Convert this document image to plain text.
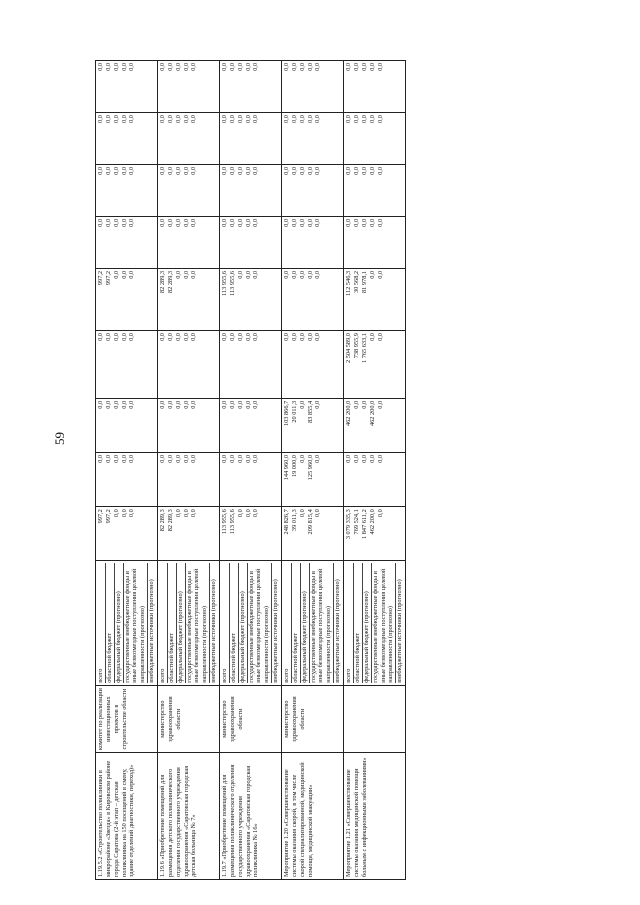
59
1.19.5.2 «Строительство поликлиники в микрорайоне «Звезда» в Кировском районе города Саратова (2-й этап – детская поликлиника на 150 посещений в смену, здание отделений диагностики, переход)»	комитет по реализации инвестиционных проектов в строительстве области	всего областной бюджет федеральный бюджет (прогнозно) государственные внебюджетные фонды и иные безвозмездные поступления целевой направленности (прогнозно) внебюджетные источники (прогнозно)	997,2 997,2 0,0 0,0 0,0	0,0 0,0 0,0 0,0 0,0	0,0 0,0 0,0 0,0 0,0	0,0 0,0 0,0 0,0 0,0	997,2 997,2 0,0 0,0 0,0	0,0 0,0 0,0 0,0 0,0	0,0 0,0 0,0 0,0 0,0	0,0 0,0 0,0 0,0 0,0	0,0 0,0 0,0 0,0 0,0

1.19.6 «Приобретение помещений для размещения детского поликлинического отделения государственного учреждения здравоохранения «Саратовская городская детская больница № 7»	министерство здравоохранения области	всего областной бюджет федеральный бюджет (прогнозно) государственные внебюджетные фонды и иные безвозмездные поступления целевой направленности (прогнозно) внебюджетные источники (прогнозно)	82 289,3 82 289,3 0,0 0,0 0,0	0,0 0,0 0,0 0,0 0,0	0,0 0,0 0,0 0,0 0,0	0,0 0,0 0,0 0,0 0,0	82 289,3 82 289,3 0,0 0,0 0,0	0,0 0,0 0,0 0,0 0,0	0,0 0,0 0,0 0,0 0,0	0,0 0,0 0,0 0,0 0,0	0,0 0,0 0,0 0,0 0,0

1.19.7 «Приобретение помещений для размещения поликлинического отделения государственного учреждения здравоохранения «Саратовская городская поликлиника № 16»	министерство здравоохранения области	всего областной бюджет федеральный бюджет (прогнозно) государственные внебюджетные фонды и иные безвозмездные поступления целевой направленности (прогнозно) внебюджетные источники (прогнозно)	113 955,6 113 955,6 0,0 0,0 0,0	0,0 0,0 0,0 0,0 0,0	0,0 0,0 0,0 0,0 0,0	0,0 0,0 0,0 0,0 0,0	113 955,6 113 955,6 0,0 0,0 0,0	0,0 0,0 0,0 0,0 0,0	0,0 0,0 0,0 0,0 0,0	0,0 0,0 0,0 0,0 0,0	0,0 0,0 0,0 0,0 0,0

Мероприятие 1.20 «Совершенствование системы оказания скорой, в том числе скорой специализированной, медицинской помощи, медицинской эвакуации»	министерство здравоохранения области	всего областной бюджет федеральный бюджет (прогнозно) государственные внебюджетные фонды и иные безвозмездные поступления целевой направленности (прогнозно) внебюджетные источники (прогнозно)	248 826,7 39 011,3 0,0 209 815,4 0,0	144 960,0 19 000,0 0,0 125 960,0 0,0	103 866,7 20 011,3 0,0 83 855,4 0,0	0,0 0,0 0,0 0,0 0,0	0,0 0,0 0,0 0,0 0,0	0,0 0,0 0,0 0,0 0,0	0,0 0,0 0,0 0,0 0,0	0,0 0,0 0,0 0,0 0,0	0,0 0,0 0,0 0,0 0,0

Мероприятие 1.21 «Совершенствование системы оказания медицинской помощи больным с инфекционными заболеваниями»		всего областной бюджет федеральный бюджет (прогнозно) государственные внебюджетные фонды и иные безвозмездные поступления целевой направленности (прогнозно) внебюджетные источники (прогнозно)	3 079 335,3 769 524,1 1 847 611,2 462 200,0 0,0	0,0 0,0 0,0 0,0 0,0	462 200,0 0,0 0,0 462 200,0 0,0	2 504 589,0 738 955,9 1 765 633,1 0,0 0,0	112 546,3 30 568,2 81 978,1 0,0 0,0	0,0 0,0 0,0 0,0 0,0	0,0 0,0 0,0 0,0 0,0	0,0 0,0 0,0 0,0 0,0	0,0 0,0 0,0 0,0 0,0
